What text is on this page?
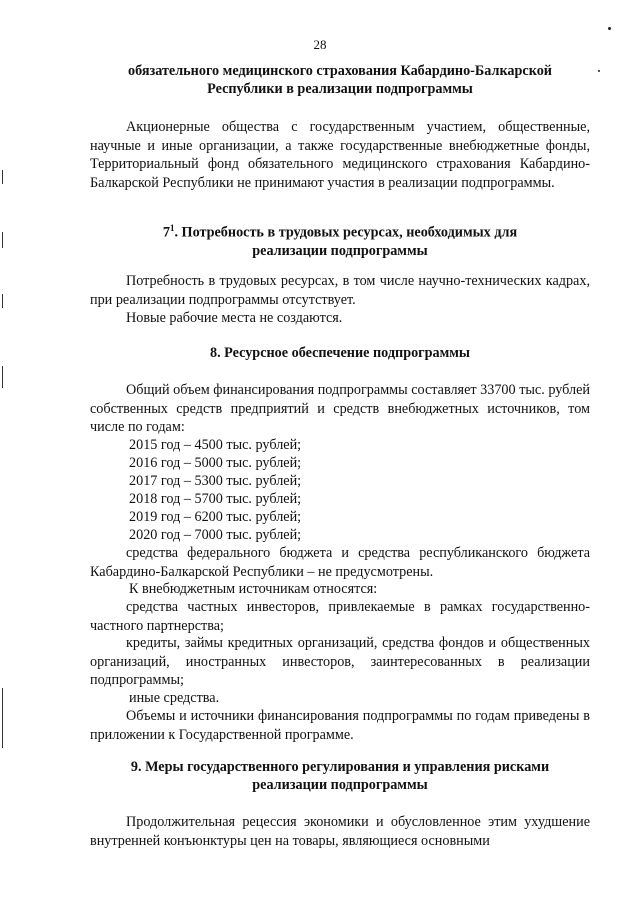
28
обязательного медицинского страхования Кабардино-Балкарской
Республики в реализации подпрограммы
Акционерные общества с государственным участием, общественные, научные и иные организации, а также государственные внебюджетные фонды, Территориальный фонд обязательного медицинского страхования Кабардино-Балкарской Республики не принимают участия в реализации подпрограммы.
$7^1$. Потребность в трудовых ресурсах, необходимых для
реализации подпрограммы
Потребность в трудовых ресурсах, в том числе научно-технических кадрах, при реализации подпрограммы отсутствует.
Новые рабочие места не создаются.
8. Ресурсное обеспечение подпрограммы
Общий объем финансирования подпрограммы составляет 33700 тыс. рублей собственных средств предприятий и средств внебюджетных источников, том числе по годам:
2015 год – 4500 тыс. рублей;
2016 год – 5000 тыс. рублей;
2017 год – 5300 тыс. рублей;
2018 год – 5700 тыс. рублей;
2019 год – 6200 тыс. рублей;
2020 год – 7000 тыс. рублей;
средства федерального бюджета и средства республиканского бюджета Кабардино-Балкарской Республики – не предусмотрены.
К внебюджетным источникам относятся:
средства частных инвесторов, привлекаемые в рамках государственно-частного партнерства;
кредиты, займы кредитных организаций, средства фондов и общественных организаций, иностранных инвесторов, заинтересованных в реализации подпрограммы;
иные средства.
Объемы и источники финансирования подпрограммы по годам приведены в приложении к Государственной программе.
9. Меры государственного регулирования и управления рисками
реализации подпрограммы
Продолжительная рецессия экономики и обусловленное этим ухудшение внутренней конъюнктуры цен на товары, являющиеся основными
